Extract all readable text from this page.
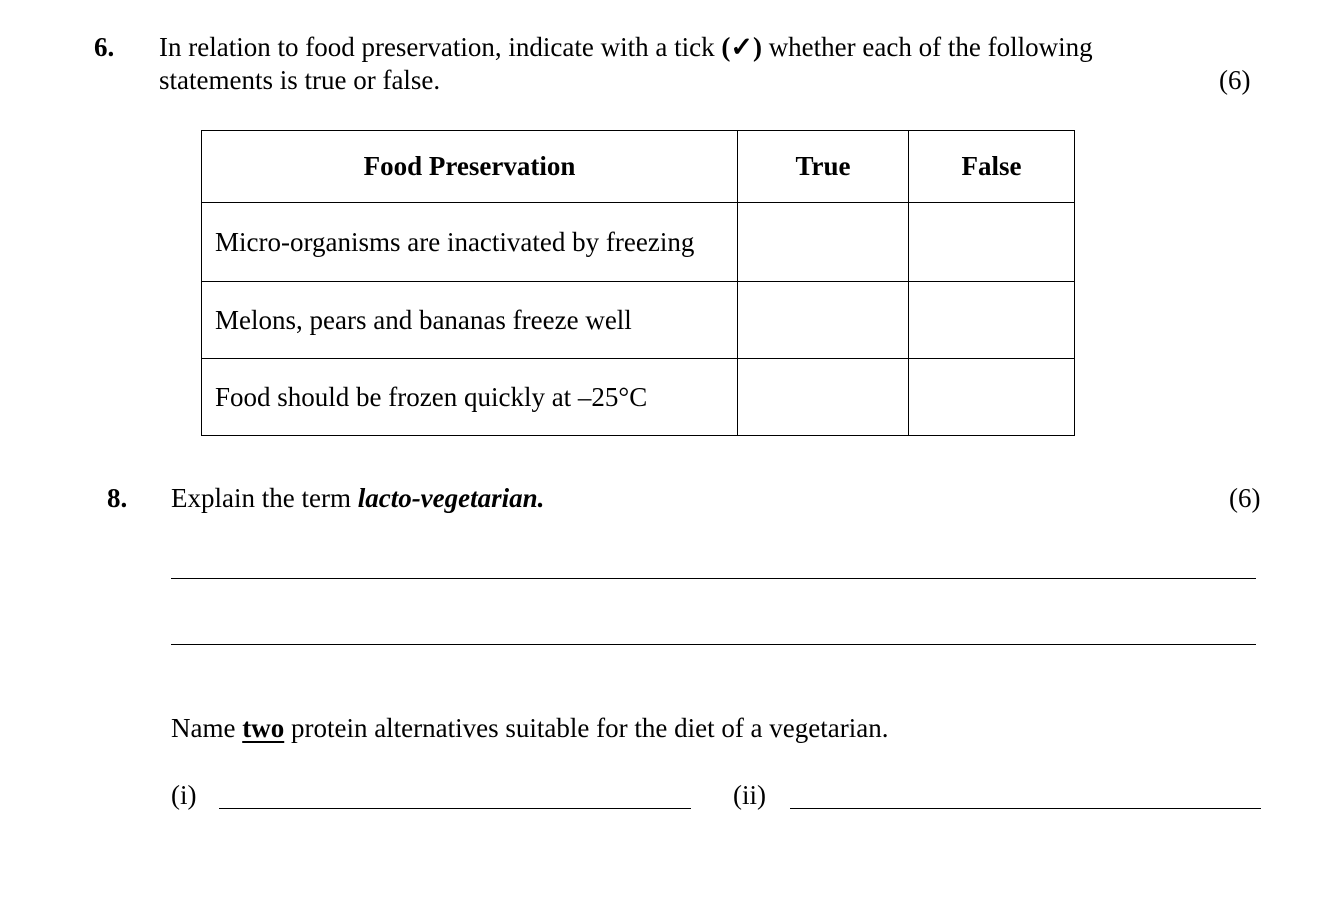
6. In relation to food preservation, indicate with a tick (✓) whether each of the following
statements is true or false.	(6)
Food Preservation	True	False
Micro-organisms are inactivated by freezing		
Melons, pears and bananas freeze well		
Food should be frozen quickly at –25°C		
8. Explain the term lacto-vegetarian.	(6)
Name two protein alternatives suitable for the diet of a vegetarian.
(i)	(ii)
